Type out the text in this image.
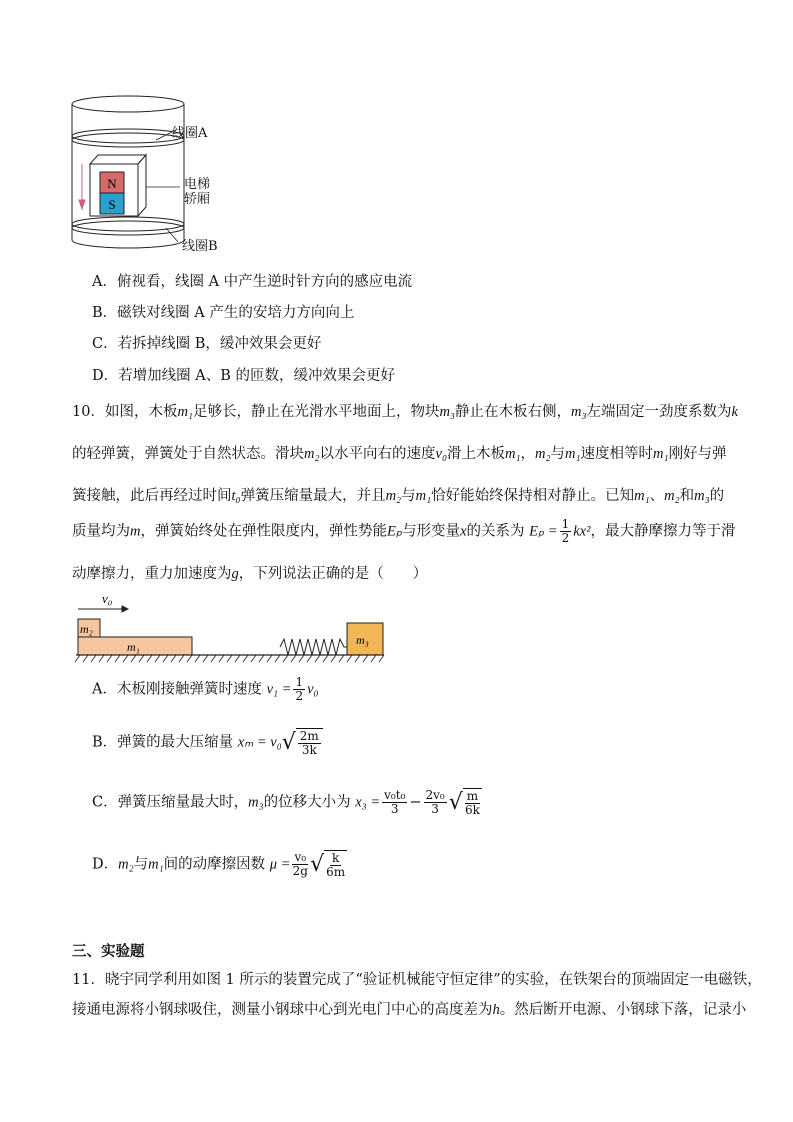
N
S
线圈A
电梯
轿厢
线圈B
A．俯视看，线圈 A 中产生逆时针方向的感应电流
B．磁铁对线圈 A 产生的安培力方向向上
C．若拆掉线圈 B，缓冲效果会更好
D．若增加线圈 A、B 的匝数，缓冲效果会更好
10．如图，木板m₁足够长，静止在光滑水平地面上，物块m₃静止在木板右侧，m₃左端固定一劲度系数为k
的轻弹簧，弹簧处于自然状态。滑块m₂以水平向右的速度v₀滑上木板m₁，m₂与m₁速度相等时m₁刚好与弹
簧接触，此后再经过时间t₀弹簧压缩量最大，并且m₂与m₁恰好能始终保持相对静止。已知m₁、m₂和m₃的
质量均为m，弹簧始终处在弹性限度内，弹性势能Eₚ与形变量x的关系为 $E_p = \frac{1}{2} kx^2$，最大静摩擦力等于滑
动摩擦力，重力加速度为g，下列说法正确的是（　　）
v₀
m₂
m₁	m₃
A．木板刚接触弹簧时速度 $v_1 = \frac{1}{2} v_0$
B．弹簧的最大压缩量 xₘ = v₀ √ $\frac{2m}{3k}$
C．弹簧压缩量最大时，m₃的位移大小为 $x_3 = \frac{\text{v₀t₀}}{3} - \frac{\text{2v₀}}{3}$ √ $\frac{m}{6k}$
D．m₂与m₁间的动摩擦因数 $\mu = \frac{\text{v₀}}{2g}$ √ $\frac{k}{6m}$
三、实验题
11．晓宇同学利用如图 1 所示的装置完成了“验证机械能守恒定律”的实验，在铁架台的顶端固定一电磁铁，
接通电源将小钢球吸住，测量小钢球中心到光电门中心的高度差为h。然后断开电源、小钢球下落，记录小
